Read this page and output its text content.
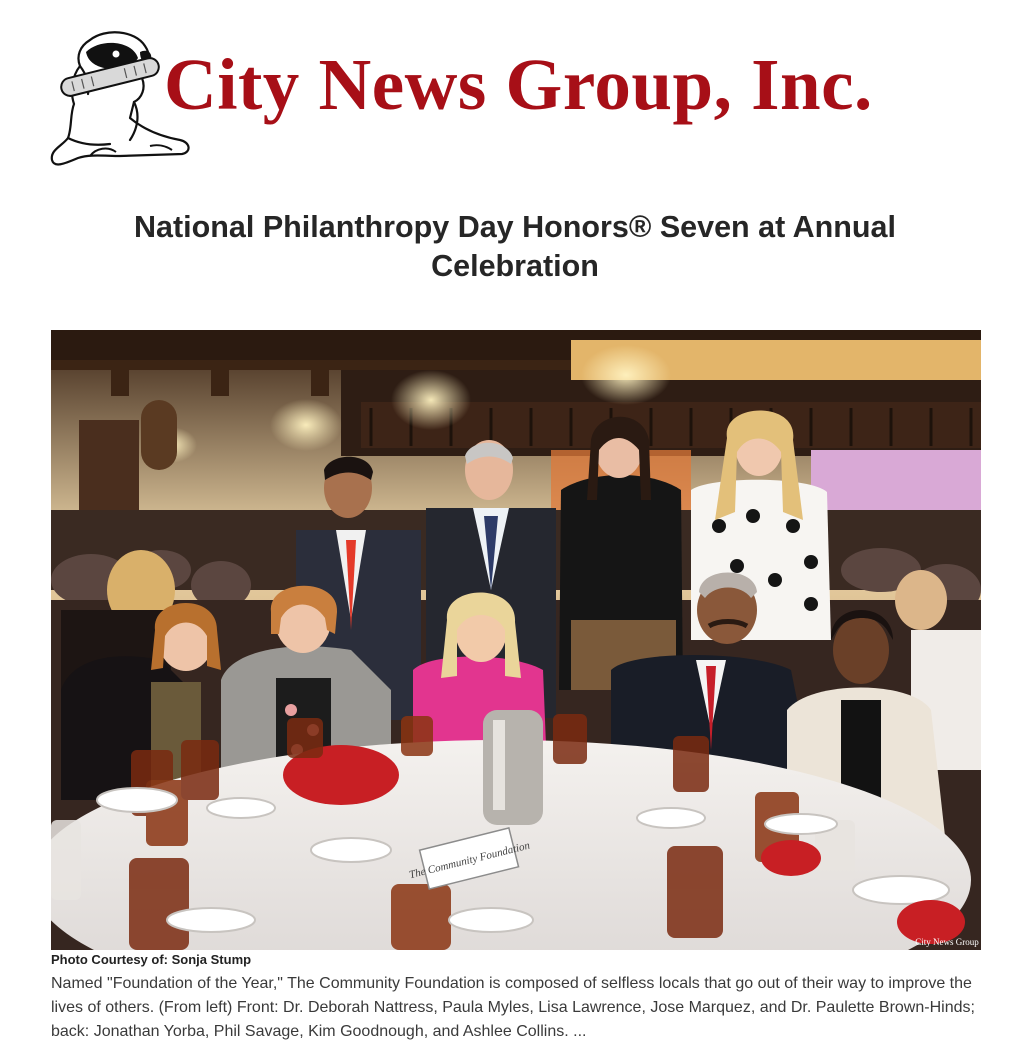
City News Group, Inc.
National Philanthropy Day Honors® Seven at Annual Celebration
The Community Foundation
City News Group
Photo Courtesy of: Sonja Stump
Named "Foundation of the Year," The Community Foundation is composed of selfless locals that go out of their way to improve the lives of others. (From left) Front: Dr. Deborah Nattress, Paula Myles, Lisa Lawrence, Jose Marquez, and Dr. Paulette Brown-Hinds; back: Jonathan Yorba, Phil Savage, Kim Goodnough, and Ashlee Collins. ...
